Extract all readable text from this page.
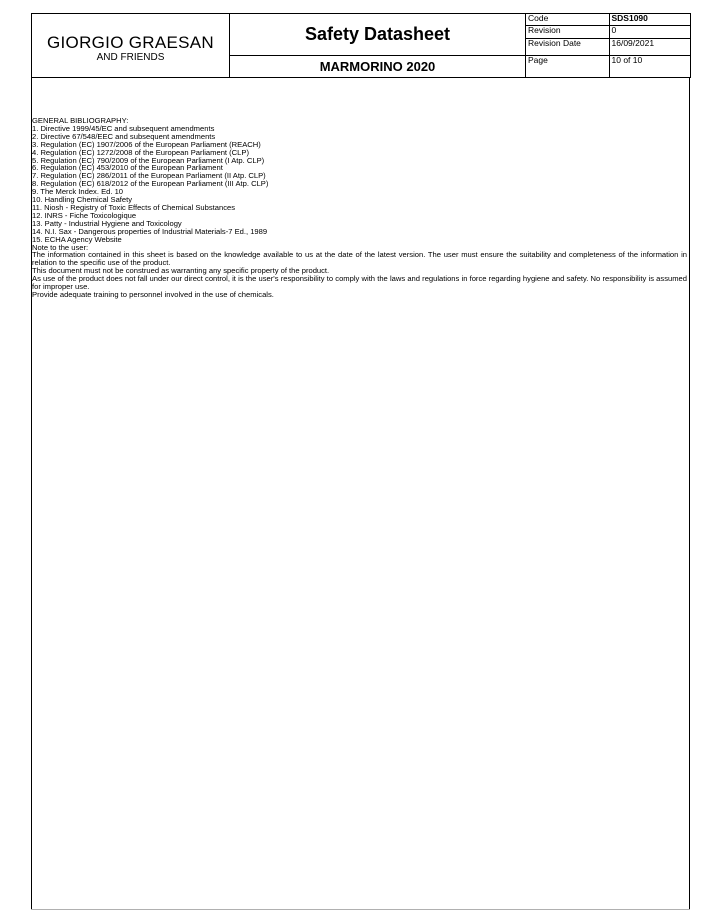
GIORGIO GRAESAN
AND FRIENDS
	Safety Datasheet	
Code	SDS1090
Revision	0
Revision Date	16/09/2021

MARMORINO 2020		Page	10 of 10
GENERAL BIBLIOGRAPHY:
1. Directive 1999/45/EC and subsequent amendments
2. Directive 67/548/EEC and subsequent amendments
3. Regulation (EC) 1907/2006 of the European Parliament (REACH)
4. Regulation (EC) 1272/2008 of the European Parliament (CLP)
5. Regulation (EC) 790/2009 of the European Parliament (I Atp. CLP)
6. Regulation (EC) 453/2010 of the European Parliament
7. Regulation (EC) 286/2011 of the European Parliament (II Atp. CLP)
8. Regulation (EC) 618/2012 of the European Parliament (III Atp. CLP)
9. The Merck Index. Ed. 10
10. Handling Chemical Safety
11. Niosh - Registry of Toxic Effects of Chemical Substances
12. INRS - Fiche Toxicologique
13. Patty - Industrial Hygiene and Toxicology
14. N.I. Sax - Dangerous properties of Industrial Materials-7 Ed., 1989
15. ECHA Agency Website
Note to the user:
The information contained in this sheet is based on the knowledge available to us at the date of the latest version. The user must ensure the suitability and completeness of the information in relation to the specific use of the product.
This document must not be construed as warranting any specific property of the product.
As use of the product does not fall under our direct control, it is the user's responsibility to comply with the laws and regulations in force regarding hygiene and safety. No responsibility is assumed for improper use.
Provide adequate training to personnel involved in the use of chemicals.
